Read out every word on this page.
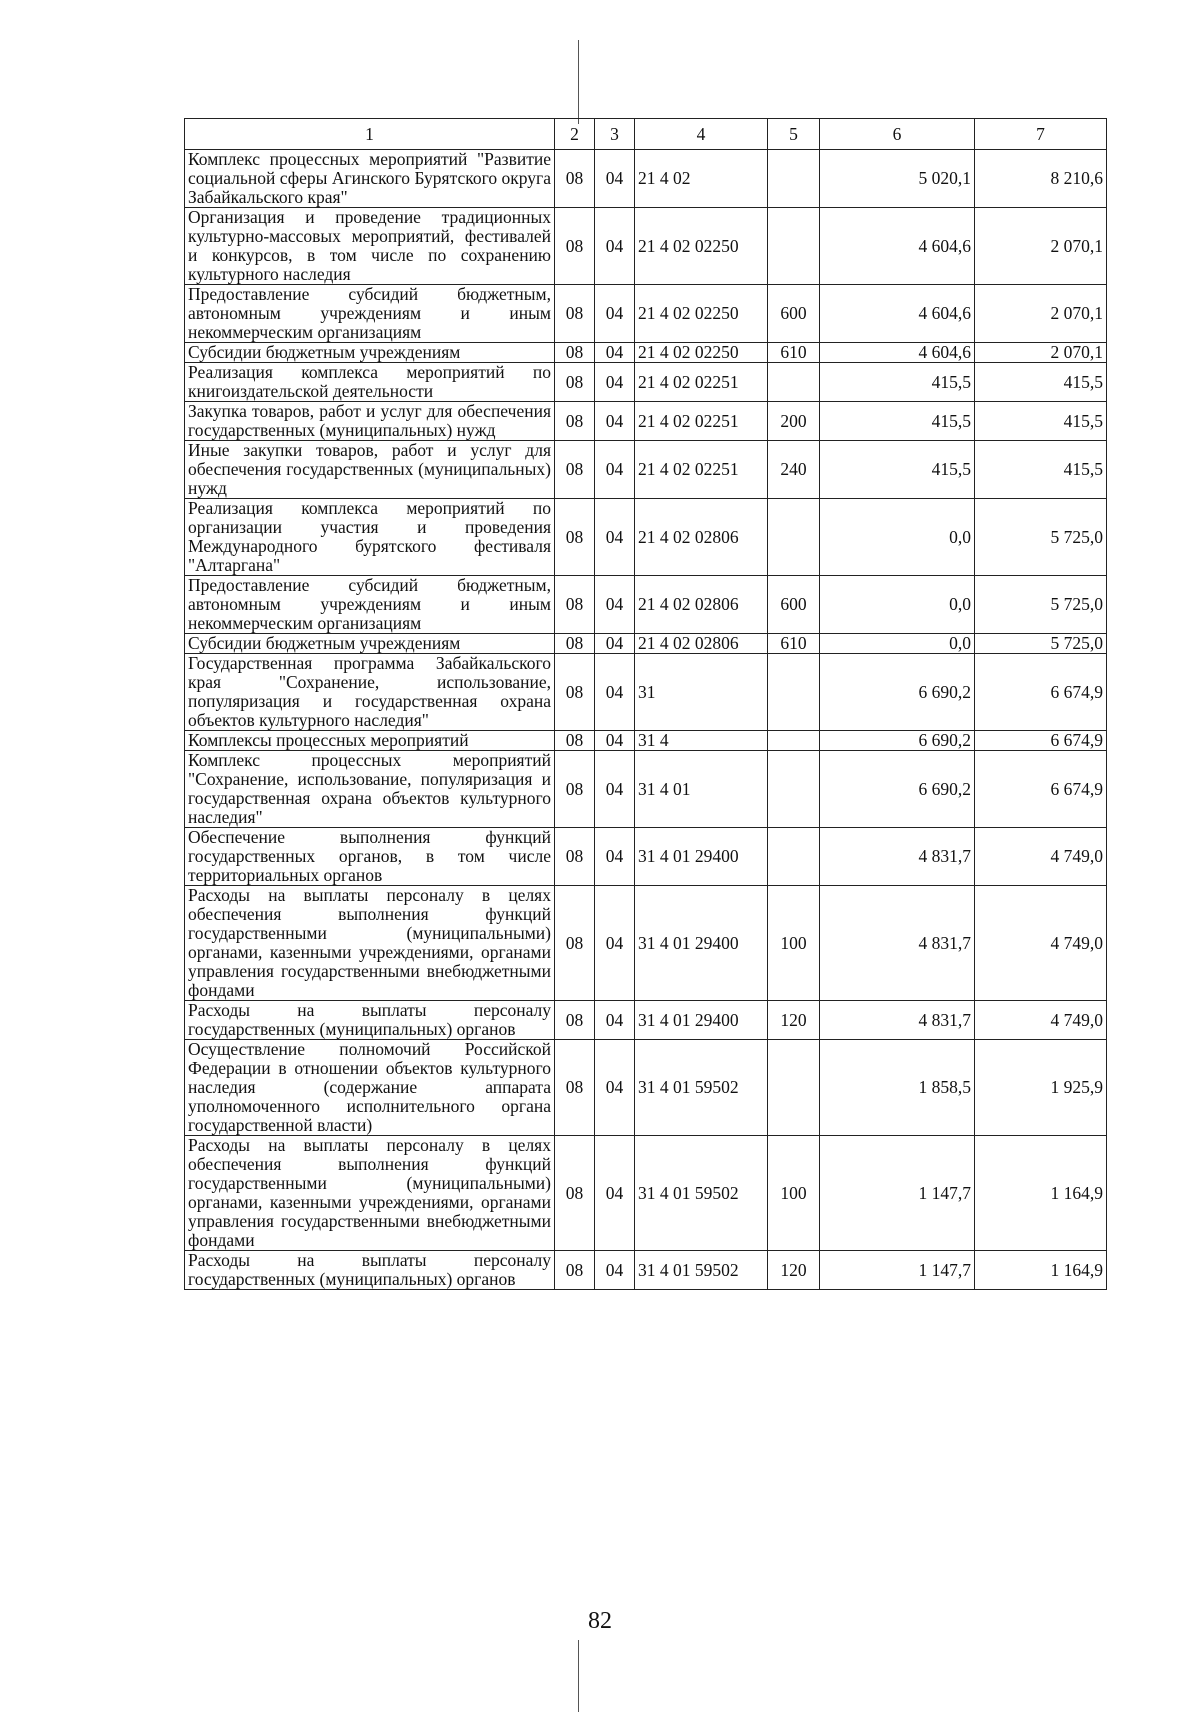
1	2	3	4	5	6	7
Комплекс процессных мероприятий "Развитие социальной сферы Агинского Бурятского округа Забайкальского края"	08	04	21 4 02		5 020,1	8 210,6
Организация и проведение традиционных культурно-массовых мероприятий, фестивалей и конкурсов, в том числе по сохранению культурного наследия	08	04	21 4 02 02250		4 604,6	2 070,1
Предоставление субсидий бюджетным, автономным учреждениям и иным некоммерческим организациям	08	04	21 4 02 02250	600	4 604,6	2 070,1
Субсидии бюджетным учреждениям	08	04	21 4 02 02250	610	4 604,6	2 070,1
Реализация комплекса мероприятий по книгоиздательской деятельности	08	04	21 4 02 02251		415,5	415,5
Закупка товаров, работ и услуг для обеспечения государственных (муниципальных) нужд	08	04	21 4 02 02251	200	415,5	415,5
Иные закупки товаров, работ и услуг для обеспечения государственных (муниципальных) нужд	08	04	21 4 02 02251	240	415,5	415,5
Реализация комплекса мероприятий по организации участия и проведения Международного бурятского фестиваля "Алтаргана"	08	04	21 4 02 02806		0,0	5 725,0
Предоставление субсидий бюджетным, автономным учреждениям и иным некоммерческим организациям	08	04	21 4 02 02806	600	0,0	5 725,0
Субсидии бюджетным учреждениям	08	04	21 4 02 02806	610	0,0	5 725,0
Государственная программа Забайкальского края "Сохранение, использование, популяризация и государственная охрана объектов культурного наследия"	08	04	31		6 690,2	6 674,9
Комплексы процессных мероприятий	08	04	31 4		6 690,2	6 674,9
Комплекс процессных мероприятий "Сохранение, использование, популяризация и государственная охрана объектов культурного наследия"	08	04	31 4 01		6 690,2	6 674,9
Обеспечение выполнения функций государственных органов, в том числе территориальных органов	08	04	31 4 01 29400		4 831,7	4 749,0
Расходы на выплаты персоналу в целях обеспечения выполнения функций государственными (муниципальными) органами, казенными учреждениями, органами управления государственными внебюджетными фондами	08	04	31 4 01 29400	100	4 831,7	4 749,0
Расходы на выплаты персоналу государственных (муниципальных) органов	08	04	31 4 01 29400	120	4 831,7	4 749,0
Осуществление полномочий Российской Федерации в отношении объектов культурного наследия (содержание аппарата уполномоченного исполнительного органа государственной власти)	08	04	31 4 01 59502		1 858,5	1 925,9
Расходы на выплаты персоналу в целях обеспечения выполнения функций государственными (муниципальными) органами, казенными учреждениями, органами управления государственными внебюджетными фондами	08	04	31 4 01 59502	100	1 147,7	1 164,9
Расходы на выплаты персоналу государственных (муниципальных) органов	08	04	31 4 01 59502	120	1 147,7	1 164,9
82
